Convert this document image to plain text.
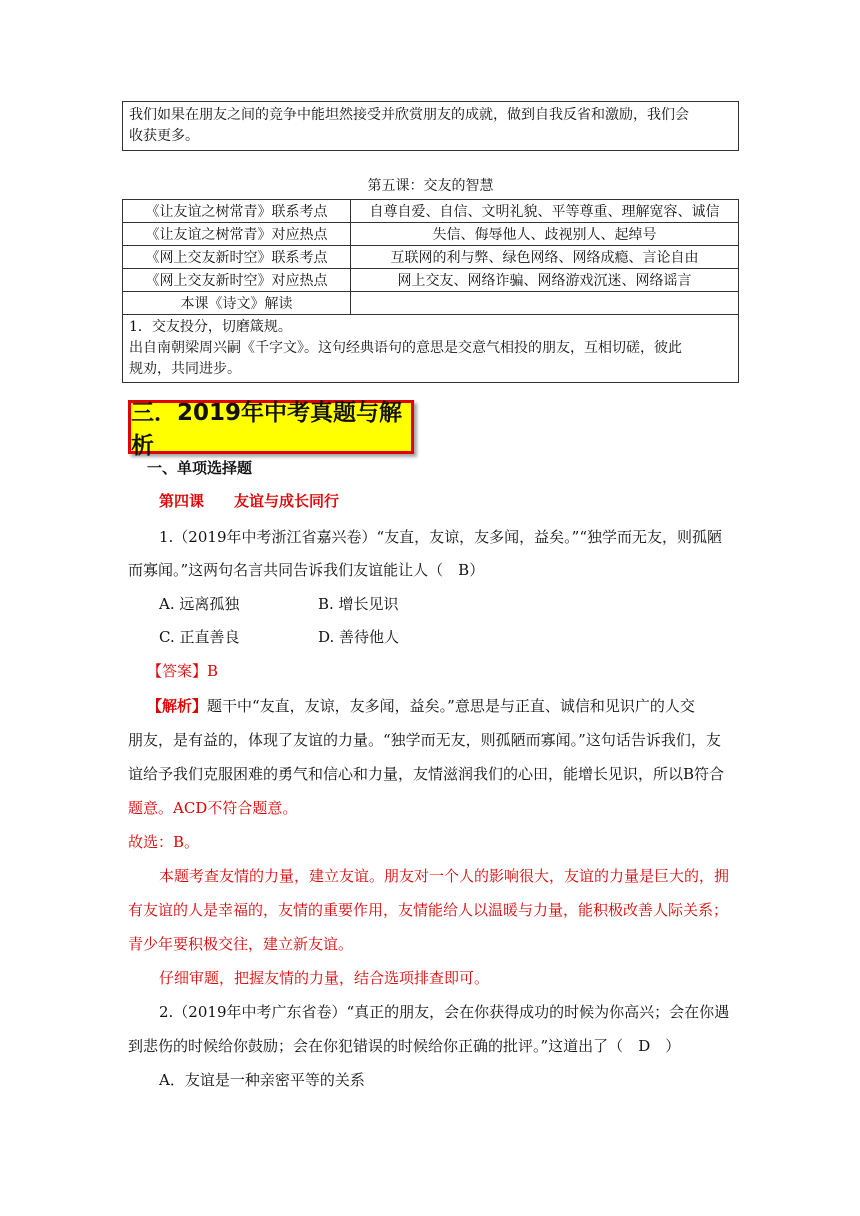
我们如果在朋友之间的竞争中能坦然接受并欣赏朋友的成就，做到自我反省和激励，我们会
收获更多。
第五课：交友的智慧
《让友谊之树常青》联系考点	自尊自爱、自信、文明礼貌、平等尊重、理解宽容、诚信
《让友谊之树常青》对应热点	失信、侮辱他人、歧视别人、起绰号
《网上交友新时空》联系考点	互联网的利与弊、绿色网络、网络成瘾、言论自由
《网上交友新时空》对应热点	网上交友、网络诈骗、网络游戏沉迷、网络谣言
本课《诗文》解读	
1．交友投分，切磨箴规。
出自南朝梁周兴嗣《千字文》。这句经典语句的意思是交意气相投的朋友，互相切磋，彼此
规劝，共同进步。
三．2019年中考真题与解析
一、单项选择题
第四课　　友谊与成长同行
1.（2019年中考浙江省嘉兴卷）“友直，友谅，友多闻，益矣。”“独学而无友，则孤陋
而寡闻。”这两句名言共同告诉我们友谊能让人（　B）
A. 远离孤独	B. 增长见识
C. 正直善良	D. 善待他人
【答案】B
【解析】题干中“友直，友谅，友多闻，益矣。”意思是与正直、诚信和见识广的人交
朋友，是有益的，体现了友谊的力量。“独学而无友，则孤陋而寡闻。”这句话告诉我们，友
谊给予我们克服困难的勇气和信心和力量，友情滋润我们的心田，能增长见识，所以B符合
题意。ACD不符合题意。
故选：B。
本题考查友情的力量，建立友谊。朋友对一个人的影响很大，友谊的力量是巨大的，拥
有友谊的人是幸福的，友情的重要作用，友情能给人以温暖与力量，能积极改善人际关系；
青少年要积极交往，建立新友谊。
仔细审题，把握友情的力量，结合选项排查即可。
2.（2019年中考广东省卷）“真正的朋友，会在你获得成功的时候为你高兴；会在你遇
到悲伤的时候给你鼓励；会在你犯错误的时候给你正确的批评。”这道出了（　D　）
A．友谊是一种亲密平等的关系
